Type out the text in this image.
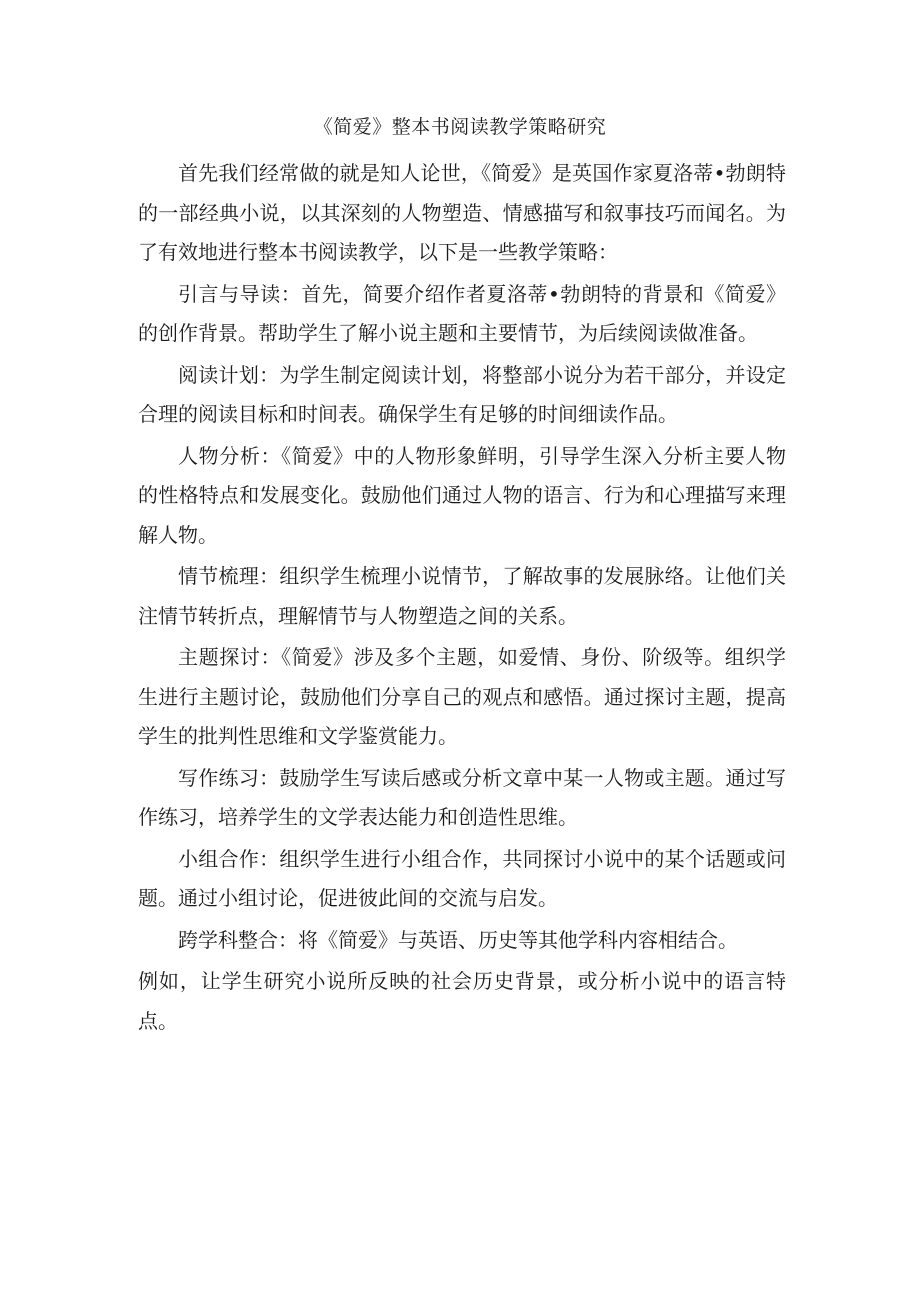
《简爱》整本书阅读教学策略研究

首先我们经常做的就是知人论世，《简爱》是英国作家夏洛蒂•勃朗特的一部经典小说，以其深刻的人物塑造、情感描写和叙事技巧而闻名。为了有效地进行整本书阅读教学，以下是一些教学策略：

引言与导读：首先，简要介绍作者夏洛蒂•勃朗特的背景和《简爱》的创作背景。帮助学生了解小说主题和主要情节，为后续阅读做准备。

阅读计划：为学生制定阅读计划，将整部小说分为若干部分，并设定合理的阅读目标和时间表。确保学生有足够的时间细读作品。

人物分析：《简爱》中的人物形象鲜明，引导学生深入分析主要人物的性格特点和发展变化。鼓励他们通过人物的语言、行为和心理描写来理解人物。

情节梳理：组织学生梳理小说情节，了解故事的发展脉络。让他们关注情节转折点，理解情节与人物塑造之间的关系。

主题探讨：《简爱》涉及多个主题，如爱情、身份、阶级等。组织学生进行主题讨论，鼓励他们分享自己的观点和感悟。通过探讨主题，提高学生的批判性思维和文学鉴赏能力。

写作练习：鼓励学生写读后感或分析文章中某一人物或主题。通过写作练习，培养学生的文学表达能力和创造性思维。

小组合作：组织学生进行小组合作，共同探讨小说中的某个话题或问题。通过小组讨论，促进彼此间的交流与启发。

跨学科整合：将《简爱》与英语、历史等其他学科内容相结合。

例如，让学生研究小说所反映的社会历史背景，或分析小说中的语言特点。
